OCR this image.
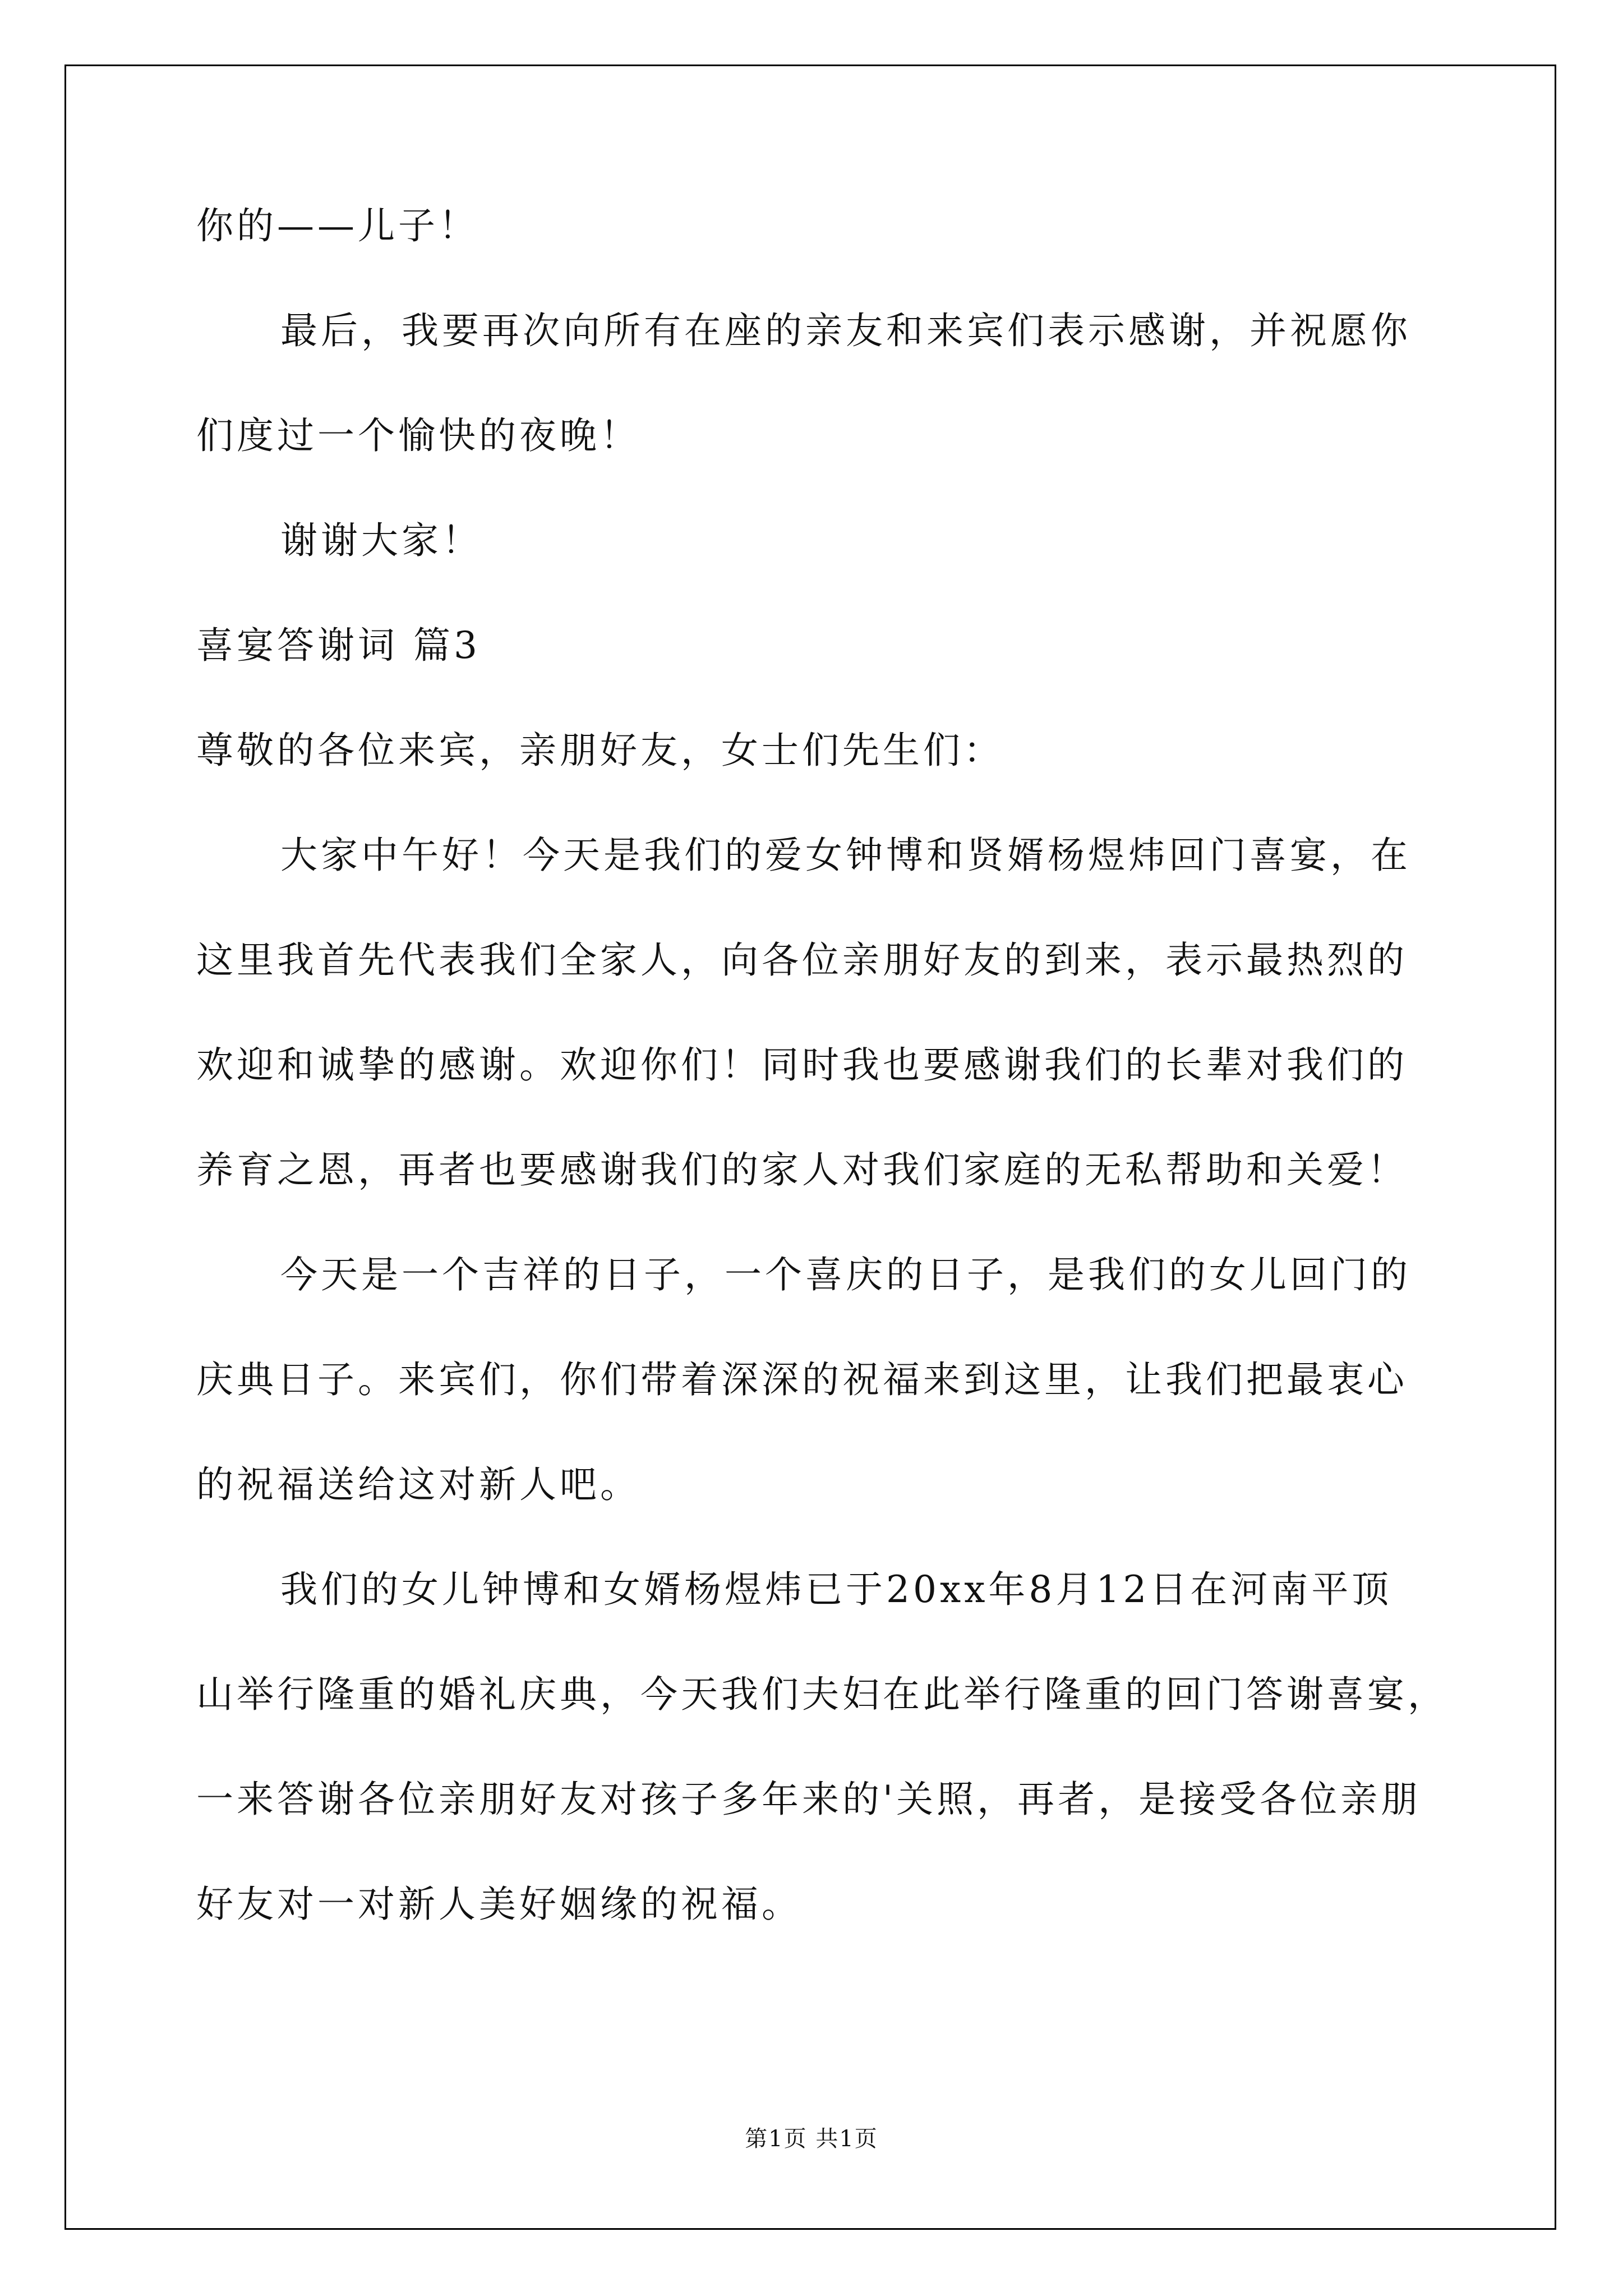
你的——儿子！
最后，我要再次向所有在座的亲友和来宾们表示感谢，并祝愿你
们度过一个愉快的夜晚！
谢谢大家！
喜宴答谢词 篇3
尊敬的各位来宾，亲朋好友，女士们先生们：
大家中午好！今天是我们的爱女钟博和贤婿杨煜炜回门喜宴，在
这里我首先代表我们全家人，向各位亲朋好友的到来，表示最热烈的
欢迎和诚挚的感谢。欢迎你们！同时我也要感谢我们的长辈对我们的
养育之恩，再者也要感谢我们的家人对我们家庭的无私帮助和关爱！
今天是一个吉祥的日子，一个喜庆的日子，是我们的女儿回门的
庆典日子。来宾们，你们带着深深的祝福来到这里，让我们把最衷心
的祝福送给这对新人吧。
我们的女儿钟博和女婿杨煜炜已于20xx年8月12日在河南平顶
山举行隆重的婚礼庆典，今天我们夫妇在此举行隆重的回门答谢喜宴，
一来答谢各位亲朋好友对孩子多年来的'关照，再者，是接受各位亲朋
好友对一对新人美好姻缘的祝福。
第1页 共1页
